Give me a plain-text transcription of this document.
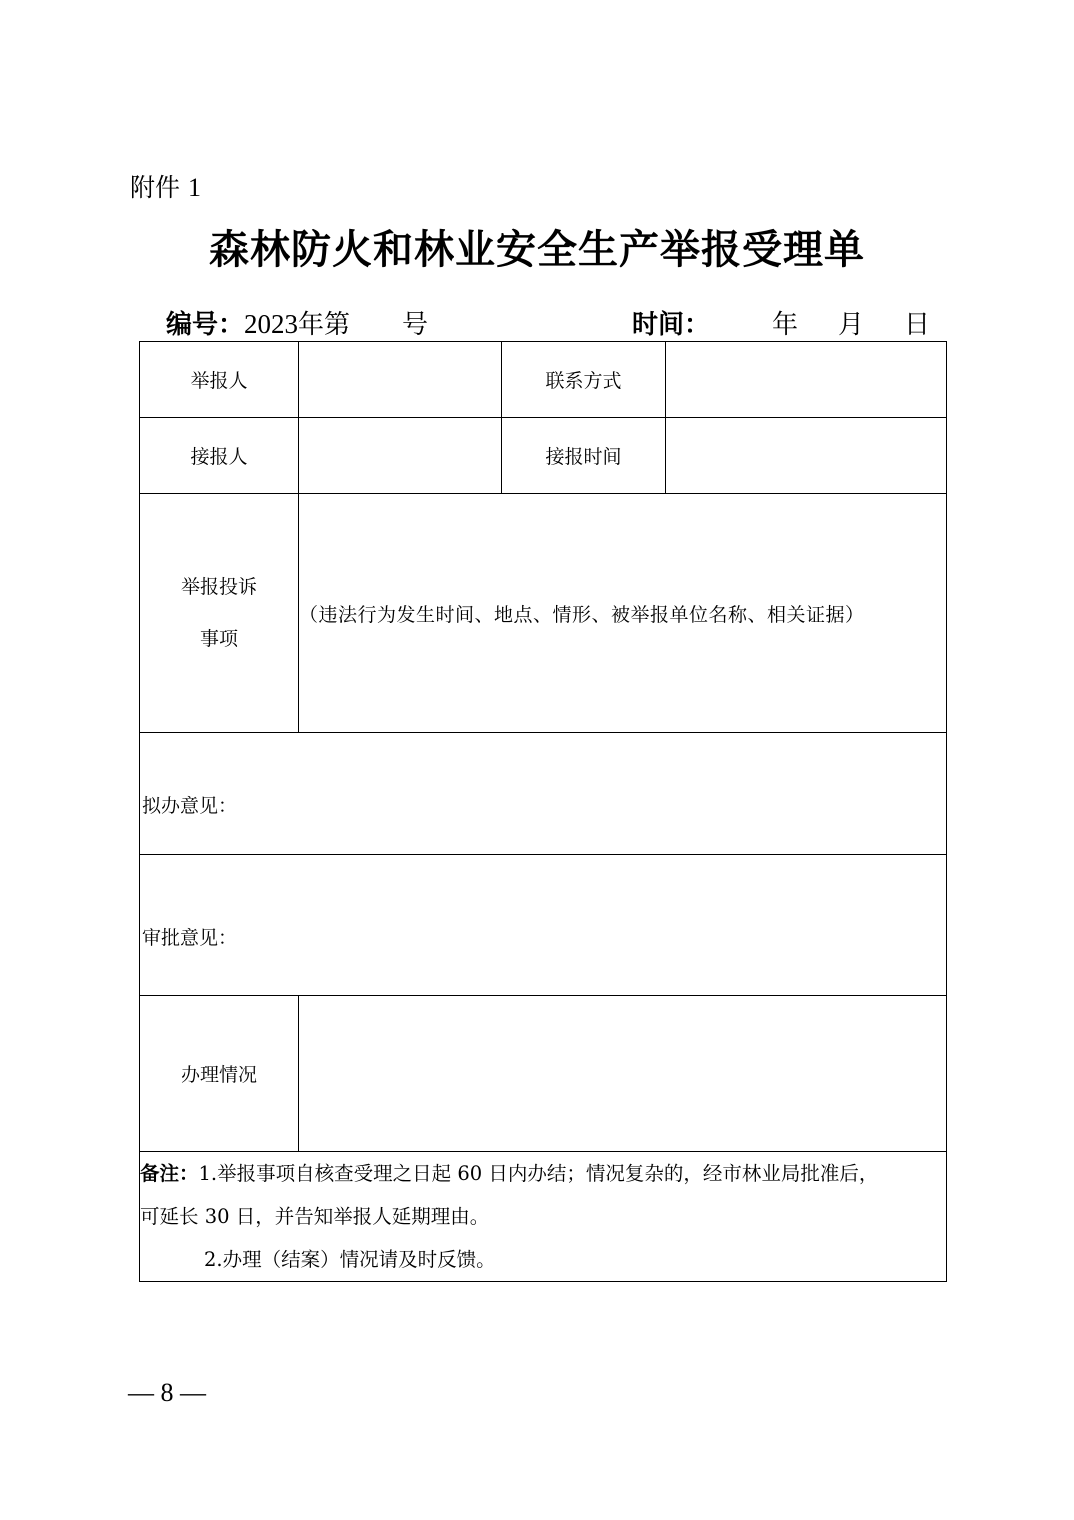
附件 1
森林防火和林业安全生产举报受理单
编号：2023年第　　号	时间： 年 月 日
举报人		联系方式	
接报人		接报时间	

举报投诉
事项	（违法行为发生时间、地点、情形、被举报单位名称、相关证据）		

拟办意见：			

审批意见：			

办理情况			

备注：1.举报事项自核查受理之日起 60 日内办结；情况复杂的，经市林业局批准后，
可延长 30 日，并告知举报人延期理由。
2.办理（结案）情况请及时反馈。			
— 8 —
